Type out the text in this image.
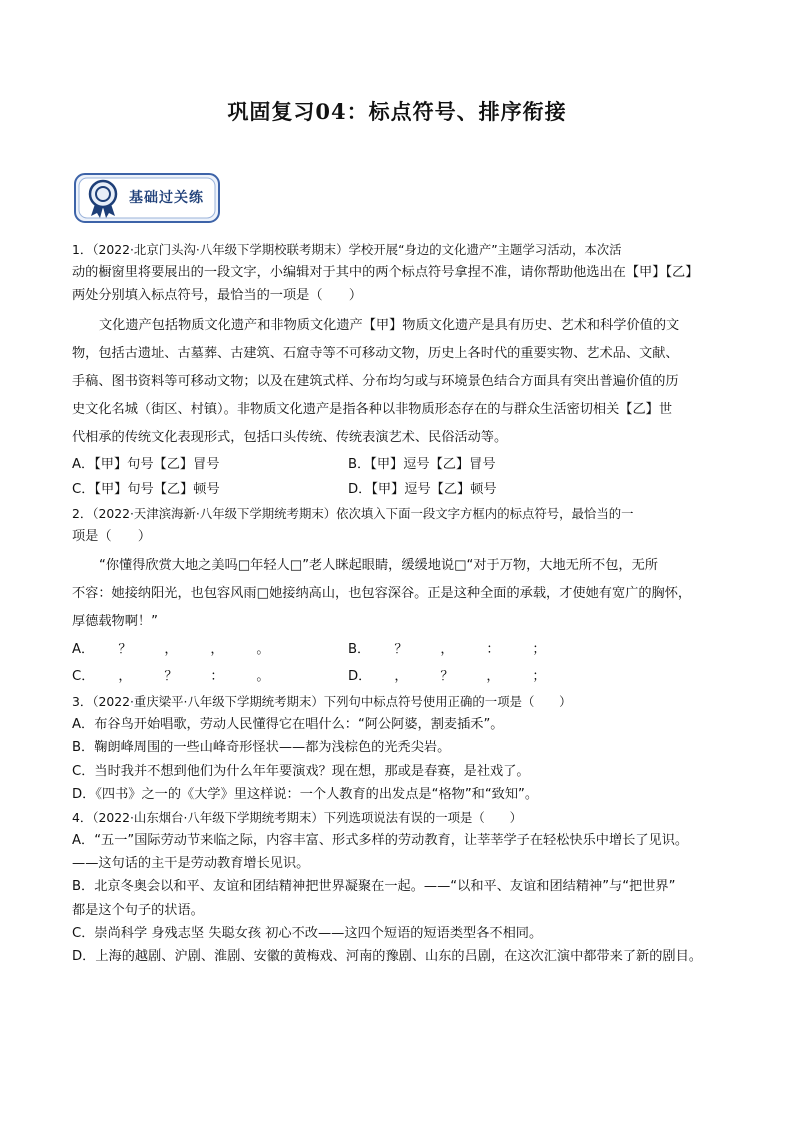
巩固复习04：标点符号、排序衔接
基础过关练
1．（2022·北京门头沟·八年级下学期校联考期末）学校开展“身边的文化遗产”主题学习活动，本次活
动的橱窗里将要展出的一段文字，小编辑对于其中的两个标点符号拿捏不准，请你帮助他选出在【甲】【乙】
两处分别填入标点符号，最恰当的一项是（　　）
文化遗产包括物质文化遗产和非物质文化遗产【甲】物质文化遗产是具有历史、艺术和科学价值的文
物，包括古遗址、古墓葬、古建筑、石窟寺等不可移动文物，历史上各时代的重要实物、艺术品、文献、
手稿、图书资料等可移动文物；以及在建筑式样、分布均匀或与环境景色结合方面具有突出普遍价值的历
史文化名城（街区、村镇）。非物质文化遗产是指各种以非物质形态存在的与群众生活密切相关【乙】世
代相承的传统文化表现形式，包括口头传统、传统表演艺术、民俗活动等。
A．【甲】句号【乙】冒号	B．【甲】逗号【乙】冒号
C．【甲】句号【乙】顿号	D．【甲】逗号【乙】顿号
2．（2022·天津滨海新·八年级下学期统考期末）依次填入下面一段文字方框内的标点符号，最恰当的一
项是（　　）
“你懂得欣赏大地之美吗□年轻人□”老人眯起眼睛，缓缓地说□“对于万物，大地无所不包，无所
不容：她接纳阳光，也包容风雨□她接纳高山，也包容深谷。正是这种全面的承载，才使她有宽广的胸怀，
厚德载物啊！”
A．	？	，	，	。	B．	？	，	：	；
C．	，	？	：	。	D．	，	？	，	；
3．（2022·重庆梁平·八年级下学期统考期末）下列句中标点符号使用正确的一项是（　　）
A．布谷鸟开始唱歌，劳动人民懂得它在唱什么：“阿公阿婆，割麦插禾”。
B．鞠朗峰周围的一些山峰奇形怪状——都为浅棕色的光秃尖岩。
C．当时我并不想到他们为什么年年要演戏？现在想，那或是春赛，是社戏了。
D．《四书》之一的《大学》里这样说：一个人教育的出发点是“格物”和“致知”。
4．（2022·山东烟台·八年级下学期统考期末）下列选项说法有误的一项是（　　）
A．“五一”国际劳动节来临之际，内容丰富、形式多样的劳动教育，让莘莘学子在轻松快乐中增长了见识。
——这句话的主干是劳动教育增长见识。
B．北京冬奥会以和平、友谊和团结精神把世界凝聚在一起。——“以和平、友谊和团结精神”与“把世界”
都是这个句子的状语。
C．崇尚科学 身残志坚 失聪女孩 初心不改——这四个短语的短语类型各不相同。
D．上海的越剧、沪剧、淮剧、安徽的黄梅戏、河南的豫剧、山东的吕剧，在这次汇演中都带来了新的剧目。
